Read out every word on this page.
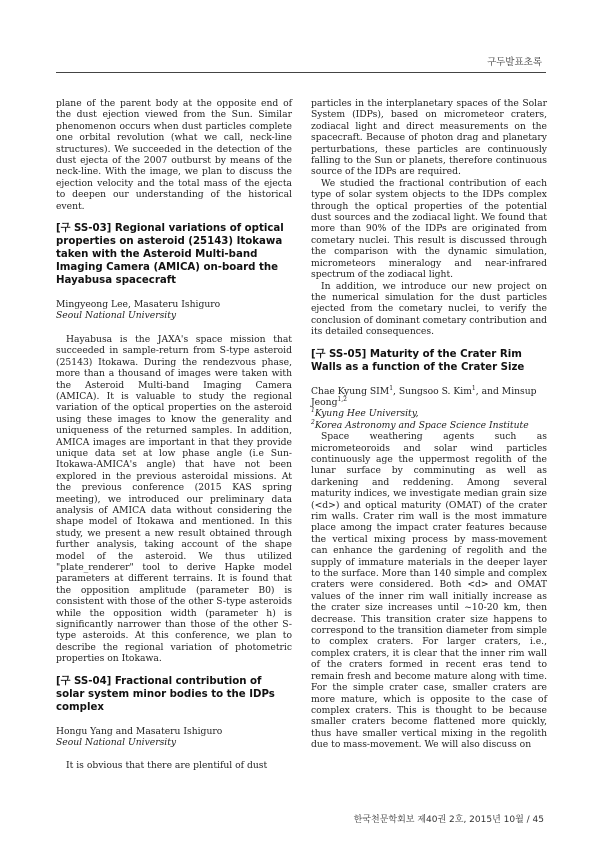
구두발표초록

plane of the parent body at the opposite end of the dust ejection viewed from the Sun. Similar phenomenon occurs when dust particles complete one orbital revolution (what we call, neck-line structures). We succeeded in the detection of the dust ejecta of the 2007 outburst by means of the neck-line. With the image, we plan to discuss the ejection velocity and the total mass of the ejecta to deepen our understanding of the historical event.

[구 SS-03] Regional variations of optical properties on asteroid (25143) Itokawa taken with the Asteroid Multi-band Imaging Camera (AMICA) on-board the Hayabusa spacecraft

Mingyeong Lee, Masateru Ishiguro

Seoul National University

Hayabusa is the JAXA's space mission that succeeded in sample-return from S-type asteroid (25143) Itokawa. During the rendezvous phase, more than a thousand of images were taken with the Asteroid Multi-band Imaging Camera (AMICA). It is valuable to study the regional variation of the optical properties on the asteroid using these images to know the generality and uniqueness of the returned samples. In addition, AMICA images are important in that they provide unique data set at low phase angle (i.e Sun-Itokawa-AMICA's angle) that have not been explored in the previous asteroidal missions. At the previous conference (2015 KAS spring meeting), we introduced our preliminary data analysis of AMICA data without considering the shape model of Itokawa and mentioned. In this study, we present a new result obtained through further analysis, taking account of the shape model of the asteroid. We thus utilized "plate_renderer" tool to derive Hapke model parameters at different terrains. It is found that the opposition amplitude (parameter B0) is consistent with those of the other S-type asteroids while the opposition width (parameter h) is significantly narrower than those of the other S-type asteroids. At this conference, we plan to describe the regional variation of photometric properties on Itokawa.

[구 SS-04] Fractional contribution of solar system minor bodies to the IDPs complex

Hongu Yang and Masateru Ishiguro

Seoul National University

It is obvious that there are plentiful of dust

particles in the interplanetary spaces of the Solar System (IDPs), based on micrometeor craters, zodiacal light and direct measurements on the spacecraft. Because of photon drag and planetary perturbations, these particles are continuously falling to the Sun or planets, therefore continuous source of the IDPs are required.

We studied the fractional contribution of each type of solar system objects to the IDPs complex through the optical properties of the potential dust sources and the zodiacal light. We found that more than 90% of the IDPs are originated from cometary nuclei. This result is discussed through the comparison with the dynamic simulation, micrometeors mineralogy and near-infrared spectrum of the zodiacal light.

In addition, we introduce our new project on the numerical simulation for the dust particles ejected from the cometary nuclei, to verify the conclusion of dominant cometary contribution and its detailed consequences.

[구 SS-05] Maturity of the Crater Rim Walls as a function of the Crater Size

Chae Kyung SIM$^1$, Sungsoo S. Kim$^1$, and Minsup Jeong$^{1,2}$

$^1$Kyung Hee University,

$^2$Korea Astronomy and Space Science Institute

Space weathering agents such as micrometeoroids and solar wind particles continuously age the uppermost regolith of the lunar surface by comminuting as well as darkening and reddening. Among several maturity indices, we investigate median grain size (<d>) and optical maturity (OMAT) of the crater rim walls. Crater rim wall is the most immature place among the impact crater features because the vertical mixing process by mass-movement can enhance the gardening of regolith and the supply of immature materials in the deeper layer to the surface. More than 140 simple and complex craters were considered. Both <d> and OMAT values of the inner rim wall initially increase as the crater size increases until ~10-20 km, then decrease. This transition crater size happens to correspond to the transition diameter from simple to complex craters. For larger craters, i.e., complex craters, it is clear that the inner rim wall of the craters formed in recent eras tend to remain fresh and become mature along with time. For the simple crater case, smaller craters are more mature, which is opposite to the case of complex craters. This is thought to be because smaller craters become flattened more quickly, thus have smaller vertical mixing in the regolith due to mass-movement. We will also discuss on

한국천문학회보 제40권 2호, 2015년 10월 / 45
